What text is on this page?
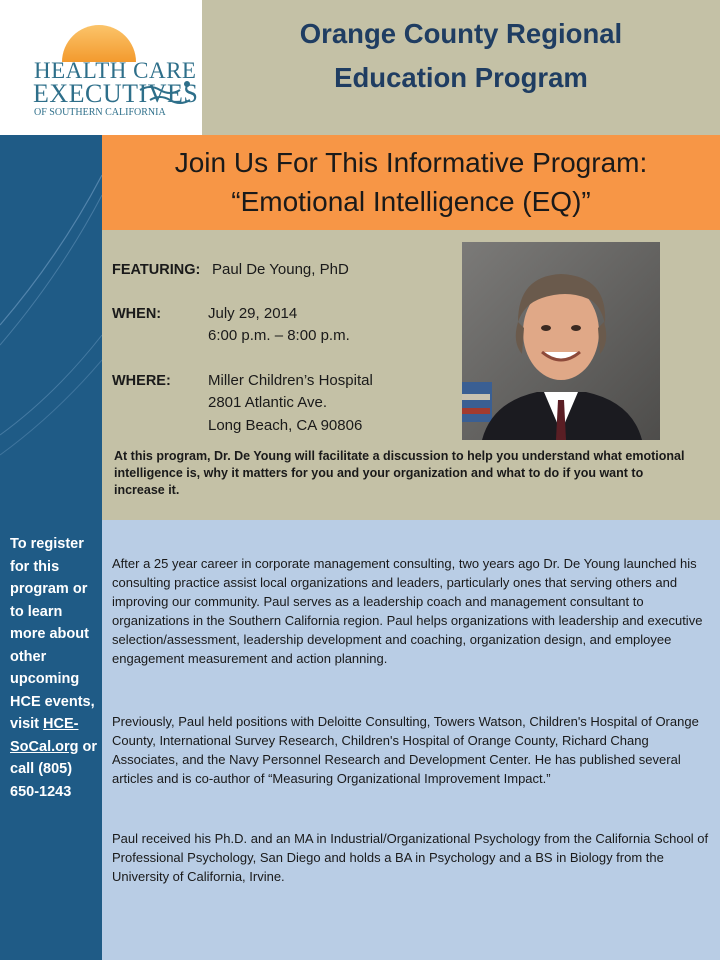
HEALTH CARE
EXECUTIVES
OF SOUTHERN CALIFORNIA
Orange County Regional
Education Program
To register for this program or to learn more about other upcoming HCE events, visit HCE-SoCal.org or call (805) 650-1243
Join Us For This Informative Program:
“Emotional Intelligence (EQ)”
FEATURING: Paul De Young, PhD
WHEN:	July 29, 2014
6:00 p.m. – 8:00 p.m.
WHERE: Miller Children’s Hospital
2801 Atlantic Ave.
Long Beach, CA 90806
At this program, Dr. De Young will facilitate a discussion to help you understand what emotional intelligence is, why it matters for you and your organization and what to do if you want to increase it.

After a 25 year career in corporate management consulting, two years ago Dr. De Young launched his consulting practice assist local organizations and leaders, particularly ones that serving others and improving our community. Paul serves as a leadership coach and management consultant to organizations in the Southern California region. Paul helps organizations with leadership and executive selection/assessment, leadership development and coaching, organization design, and employee engagement measurement and action planning.

Previously, Paul held positions with Deloitte Consulting, Towers Watson, Children's Hospital of Orange County, International Survey Research, Children's Hospital of Orange County, Richard Chang Associates, and the Navy Personnel Research and Development Center. He has published several articles and is co-author of “Measuring Organizational Improvement Impact.”

Paul received his Ph.D. and an MA in Industrial/Organizational Psychology from the California School of Professional Psychology, San Diego and holds a BA in Psychology and a BS in Biology from the University of California, Irvine.
